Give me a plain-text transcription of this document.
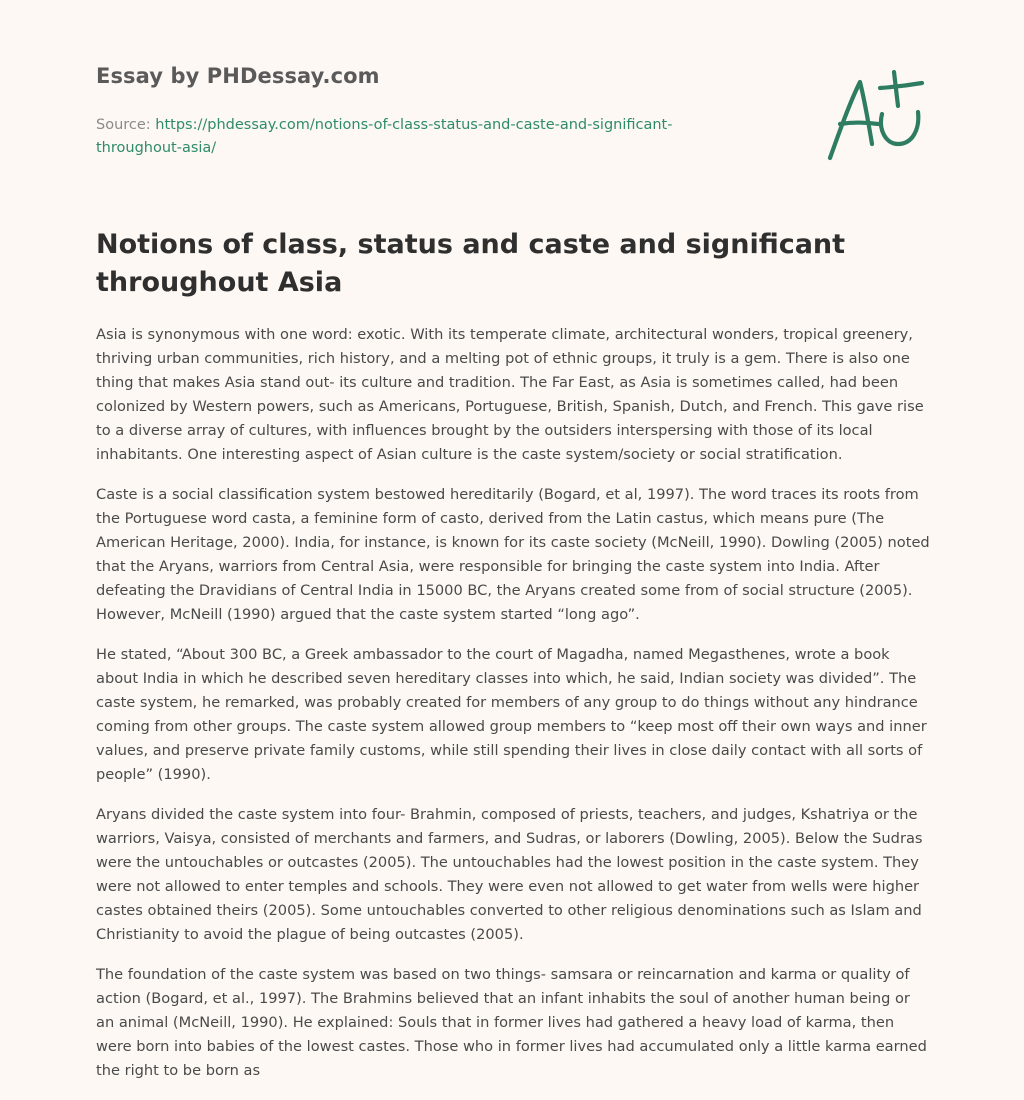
Essay by PHDessay.com
Source: https://phdessay.com/notions-of-class-status-and-caste-and-significant-
throughout-asia/
Notions of class, status and caste and significant throughout Asia

Asia is synonymous with one word: exotic. With its temperate climate, architectural wonders, tropical greenery, thriving urban communities, rich history, and a melting pot of ethnic groups, it truly is a gem. There is also one thing that makes Asia stand out- its culture and tradition. The Far East, as Asia is sometimes called, had been colonized by Western powers, such as Americans, Portuguese, British, Spanish, Dutch, and French. This gave rise to a diverse array of cultures, with influences brought by the outsiders interspersing with those of its local inhabitants. One interesting aspect of Asian culture is the caste system/society or social stratification.

Caste is a social classification system bestowed hereditarily (Bogard, et al, 1997). The word traces its roots from the Portuguese word casta, a feminine form of casto, derived from the Latin castus, which means pure (The American Heritage, 2000). India, for instance, is known for its caste society (McNeill, 1990). Dowling (2005) noted that the Aryans, warriors from Central Asia, were responsible for bringing the caste system into India. After defeating the Dravidians of Central India in 15000 BC, the Aryans created some from of social structure (2005). However, McNeill (1990) argued that the caste system started “long ago”.

He stated, “About 300 BC, a Greek ambassador to the court of Magadha, named Megasthenes, wrote a book about India in which he described seven hereditary classes into which, he said, Indian society was divided”. The caste system, he remarked, was probably created for members of any group to do things without any hindrance coming from other groups. The caste system allowed group members to “keep most off their own ways and inner values, and preserve private family customs, while still spending their lives in close daily contact with all sorts of people” (1990).

Aryans divided the caste system into four- Brahmin, composed of priests, teachers, and judges, Kshatriya or the warriors, Vaisya, consisted of merchants and farmers, and Sudras, or laborers (Dowling, 2005). Below the Sudras were the untouchables or outcastes (2005). The untouchables had the lowest position in the caste system. They were not allowed to enter temples and schools. They were even not allowed to get water from wells were higher castes obtained theirs (2005). Some untouchables converted to other religious denominations such as Islam and Christianity to avoid the plague of being outcastes (2005).

The foundation of the caste system was based on two things- samsara or reincarnation and karma or quality of action (Bogard, et al., 1997). The Brahmins believed that an infant inhabits the soul of another human being or an animal (McNeill, 1990). He explained: Souls that in former lives had gathered a heavy load of karma, then were born into babies of the lowest castes. Those who in former lives had accumulated only a little karma earned the right to be born as
